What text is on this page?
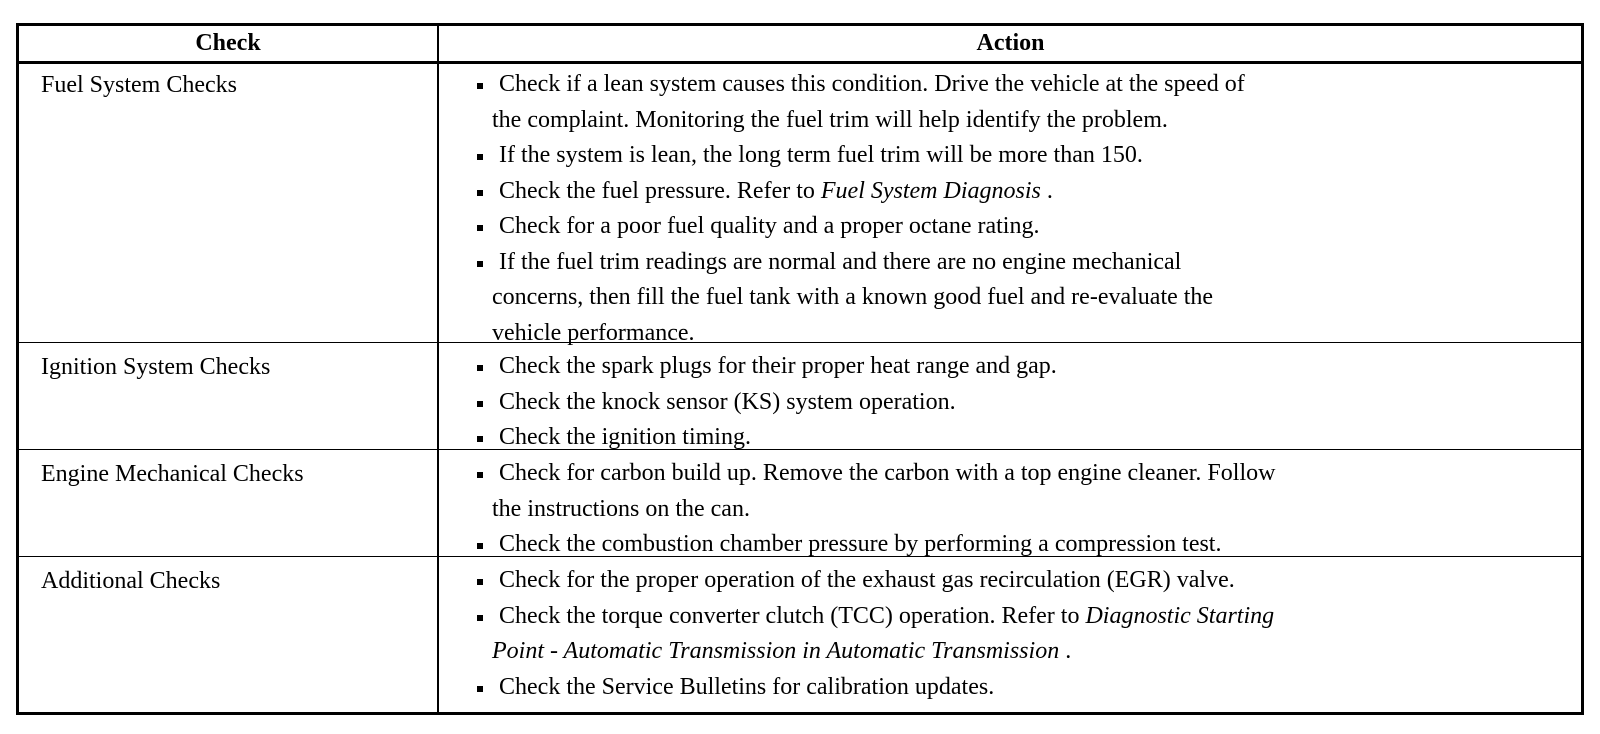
Check	Action
Fuel System Checks	Check if a lean system causes this condition. Drive the vehicle at the speed of
the complaint. Monitoring the fuel trim will help identify the problem.
If the system is lean, the long term fuel trim will be more than 150.
Check the fuel pressure. Refer to Fuel System Diagnosis .
Check for a poor fuel quality and a proper octane rating.
If the fuel trim readings are normal and there are no engine mechanical
concerns, then fill the fuel tank with a known good fuel and re-evaluate the
vehicle performance.
Ignition System Checks	Check the spark plugs for their proper heat range and gap.
Check the knock sensor (KS) system operation.
Check the ignition timing.
Engine Mechanical Checks	Check for carbon build up. Remove the carbon with a top engine cleaner. Follow
the instructions on the can.
Check the combustion chamber pressure by performing a compression test.
Additional Checks	Check for the proper operation of the exhaust gas recirculation (EGR) valve.
Check the torque converter clutch (TCC) operation. Refer to Diagnostic Starting
Point - Automatic Transmission in Automatic Transmission .
Check the Service Bulletins for calibration updates.
